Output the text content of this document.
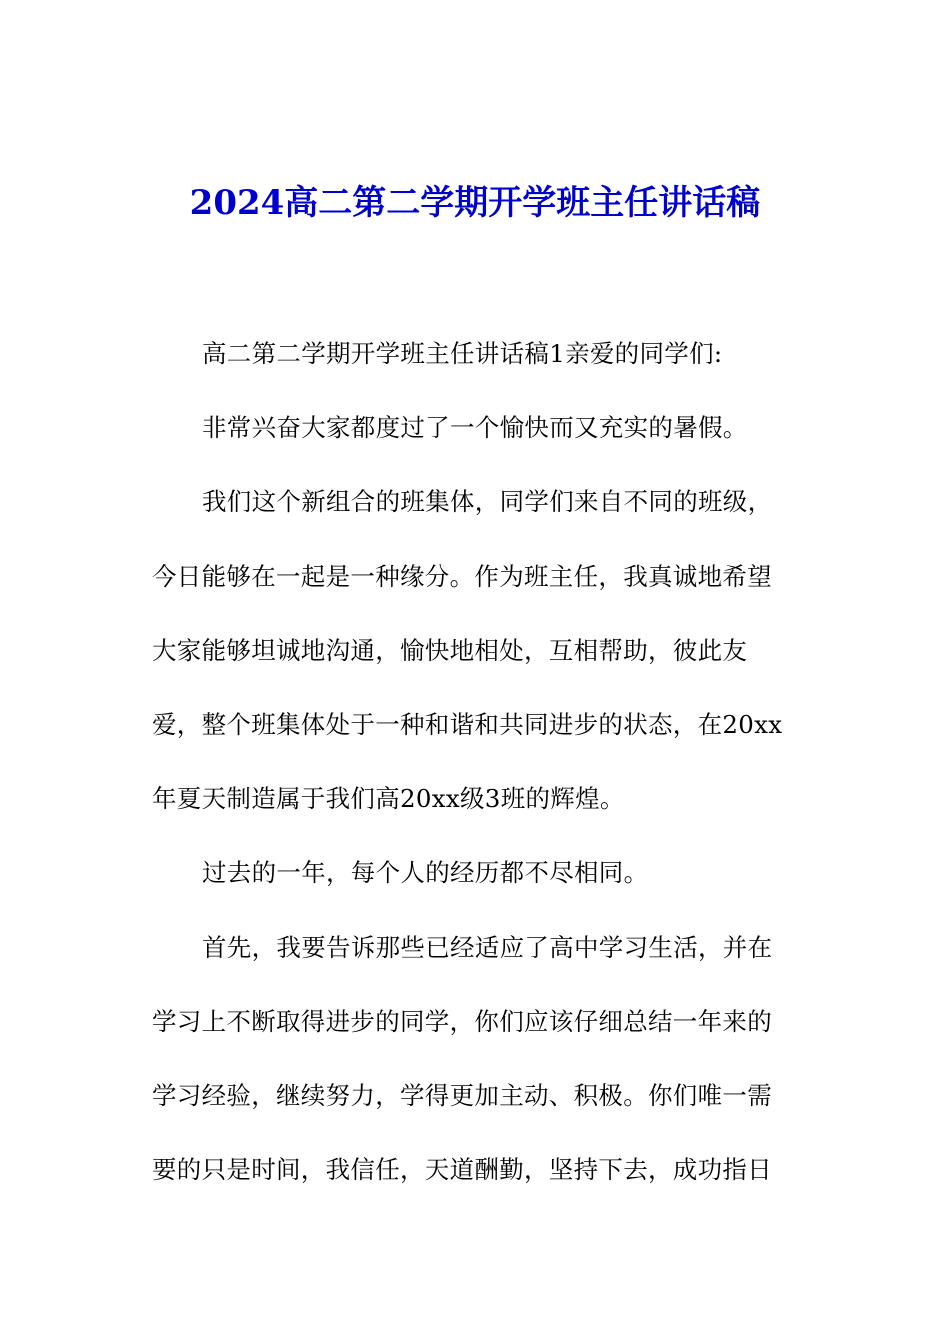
2024高二第二学期开学班主任讲话稿
高二第二学期开学班主任讲话稿1亲爱的同学们:
非常兴奋大家都度过了一个愉快而又充实的暑假。
我们这个新组合的班集体，同学们来自不同的班级，
今日能够在一起是一种缘分。作为班主任，我真诚地希望
大家能够坦诚地沟通，愉快地相处，互相帮助，彼此友
爱，整个班集体处于一种和谐和共同进步的状态，在20xx
年夏天制造属于我们高20xx级3班的辉煌。
过去的一年，每个人的经历都不尽相同。
首先，我要告诉那些已经适应了高中学习生活，并在
学习上不断取得进步的同学，你们应该仔细总结一年来的
学习经验，继续努力，学得更加主动、积极。你们唯一需
要的只是时间，我信任，天道酬勤，坚持下去，成功指日
